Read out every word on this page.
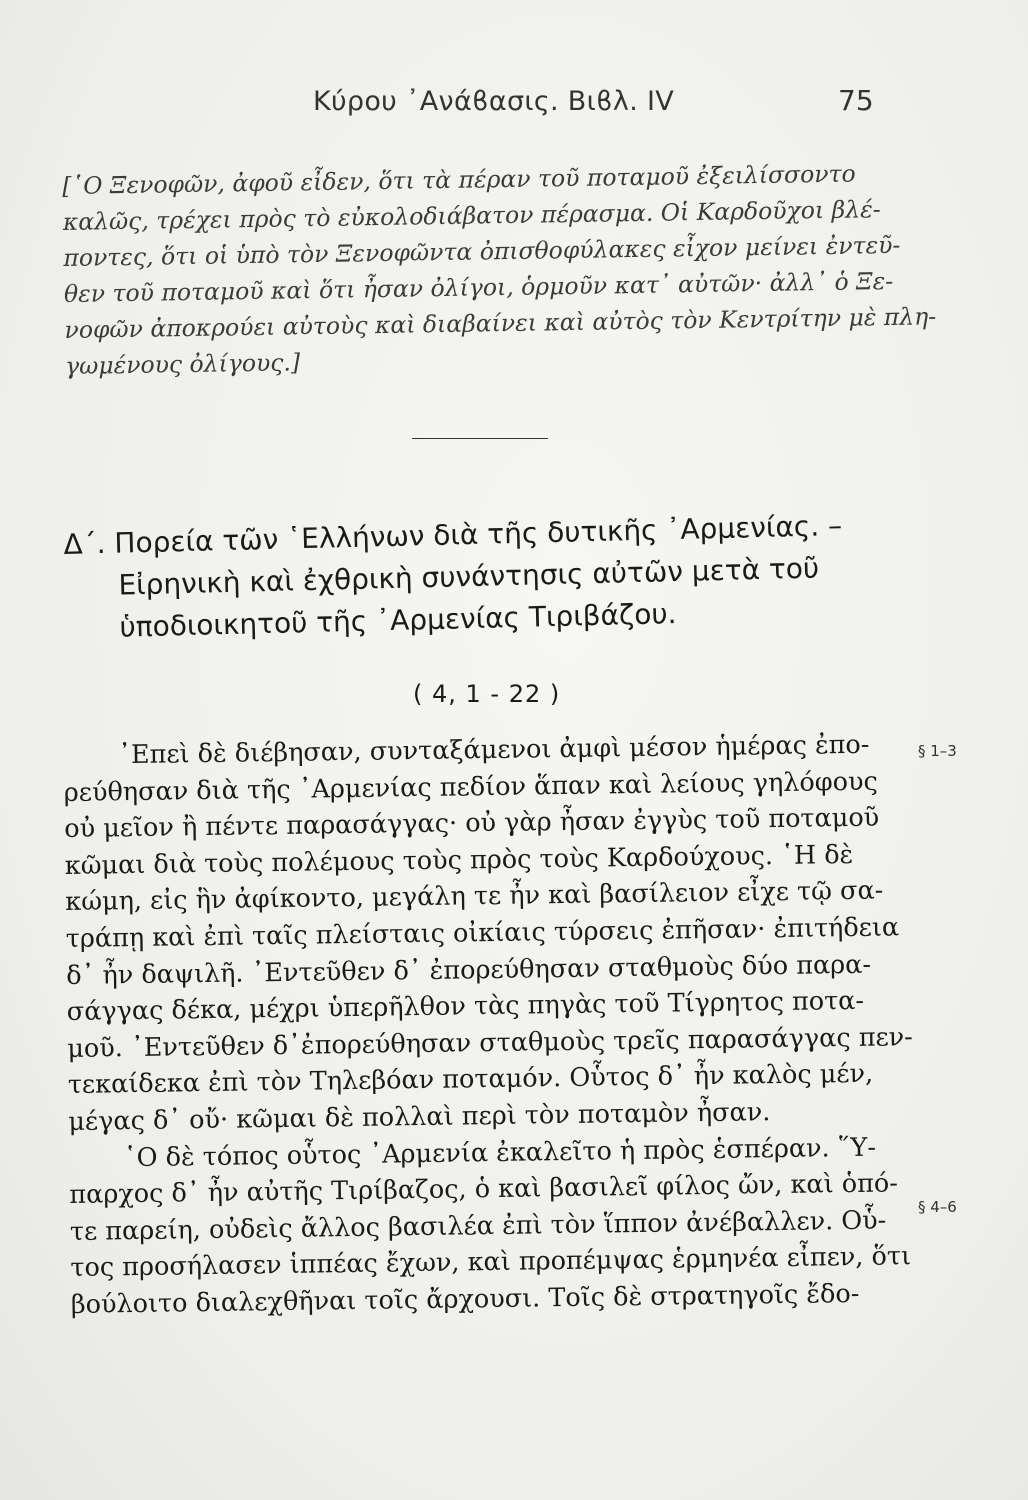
Κύρου ᾿Ανάϐασις. Βιϐλ. IV	75
[῾Ο Ξενοφῶν, ἀφοῦ εἶδεν, ὅτι τὰ πέραν τοῦ ποταμοῦ ἐξειλίσσοντο
καλῶς, τρέχει πρὸς τὸ εὐκολοδιάβατον πέρασμα. Οἱ Καρδοῦχοι βλέ-
ποντες, ὅτι οἱ ὑπὸ τὸν Ξενοφῶντα ὀπισθοφύλακες εἶχον μείνει ἐντεῦ-
θεν τοῦ ποταμοῦ καὶ ὅτι ἦσαν ὀλίγοι, ὁρμοῦν κατ᾿ αὐτῶν· ἀλλ᾿ ὁ Ξε-
νοφῶν ἀποκρούει αὐτοὺς καὶ διαβαίνει καὶ αὐτὸς τὸν Κεντρίτην μὲ πλη-
γωμένους ὀλίγους.]
Δ΄. Πορεία τῶν ῾Ελλήνων διὰ τῆς δυτικῆς ᾿Αρμενίας. –
Εἰρηνικὴ καὶ ἐχθρικὴ συνάντησις αὐτῶν μετὰ τοῦ
ὑποδιοικητοῦ τῆς ᾿Αρμενίας Τιριβάζου.
( 4, 1 - 22 )
᾿Επεὶ δὲ διέβησαν, συνταξάμενοι ἀμφὶ μέσον ἡμέρας ἐπο-
ρεύθησαν διὰ τῆς ᾿Αρμενίας πεδίον ἅπαν καὶ λείους γηλόφους
οὐ μεῖον ἢ πέντε παρασάγγας· οὐ γὰρ ἦσαν ἐγγὺς τοῦ ποταμοῦ
κῶμαι διὰ τοὺς πολέμους τοὺς πρὸς τοὺς Καρδούχους. ῾Η δὲ
κώμη, εἰς ἣν ἀφίκοντο, μεγάλη τε ἦν καὶ βασίλειον εἶχε τῷ σα-
τράπῃ καὶ ἐπὶ ταῖς πλείσταις οἰκίαις τύρσεις ἐπῆσαν· ἐπιτήδεια
δ᾿ ἦν δαψιλῆ. ᾿Εντεῦθεν δ᾿ ἐπορεύθησαν σταθμοὺς δύο παρα-
σάγγας δέκα, μέχρι ὑπερῆλθον τὰς πηγὰς τοῦ Τίγρητος ποτα-
μοῦ. ᾿Εντεῦθεν δ᾿ἐπορεύθησαν σταθμοὺς τρεῖς παρασάγγας πεν-
τεκαίδεκα ἐπὶ τὸν Τηλεβόαν ποταμόν. Οὗτος δ᾿ ἦν καλὸς μέν,
μέγας δ᾿ οὔ· κῶμαι δὲ πολλαὶ περὶ τὸν ποταμὸν ἦσαν.
῾Ο δὲ τόπος οὗτος ᾿Αρμενία ἐκαλεῖτο ἡ πρὸς ἑσπέραν. ῞Υ-
παρχος δ᾿ ἦν αὐτῆς Τιρίβαζος, ὁ καὶ βασιλεῖ φίλος ὤν, καὶ ὁπό-
τε παρείη, οὐδεὶς ἄλλος βασιλέα ἐπὶ τὸν ἵππον ἀνέβαλλεν. Οὗ-
τος προσήλασεν ἱππέας ἔχων, καὶ προπέμψας ἑρμηνέα εἶπεν, ὅτι
βούλοιτο διαλεχθῆναι τοῖς ἄρχουσι. Τοῖς δὲ στρατηγοῖς ἔδο-
§ 1–3
§ 4–6
